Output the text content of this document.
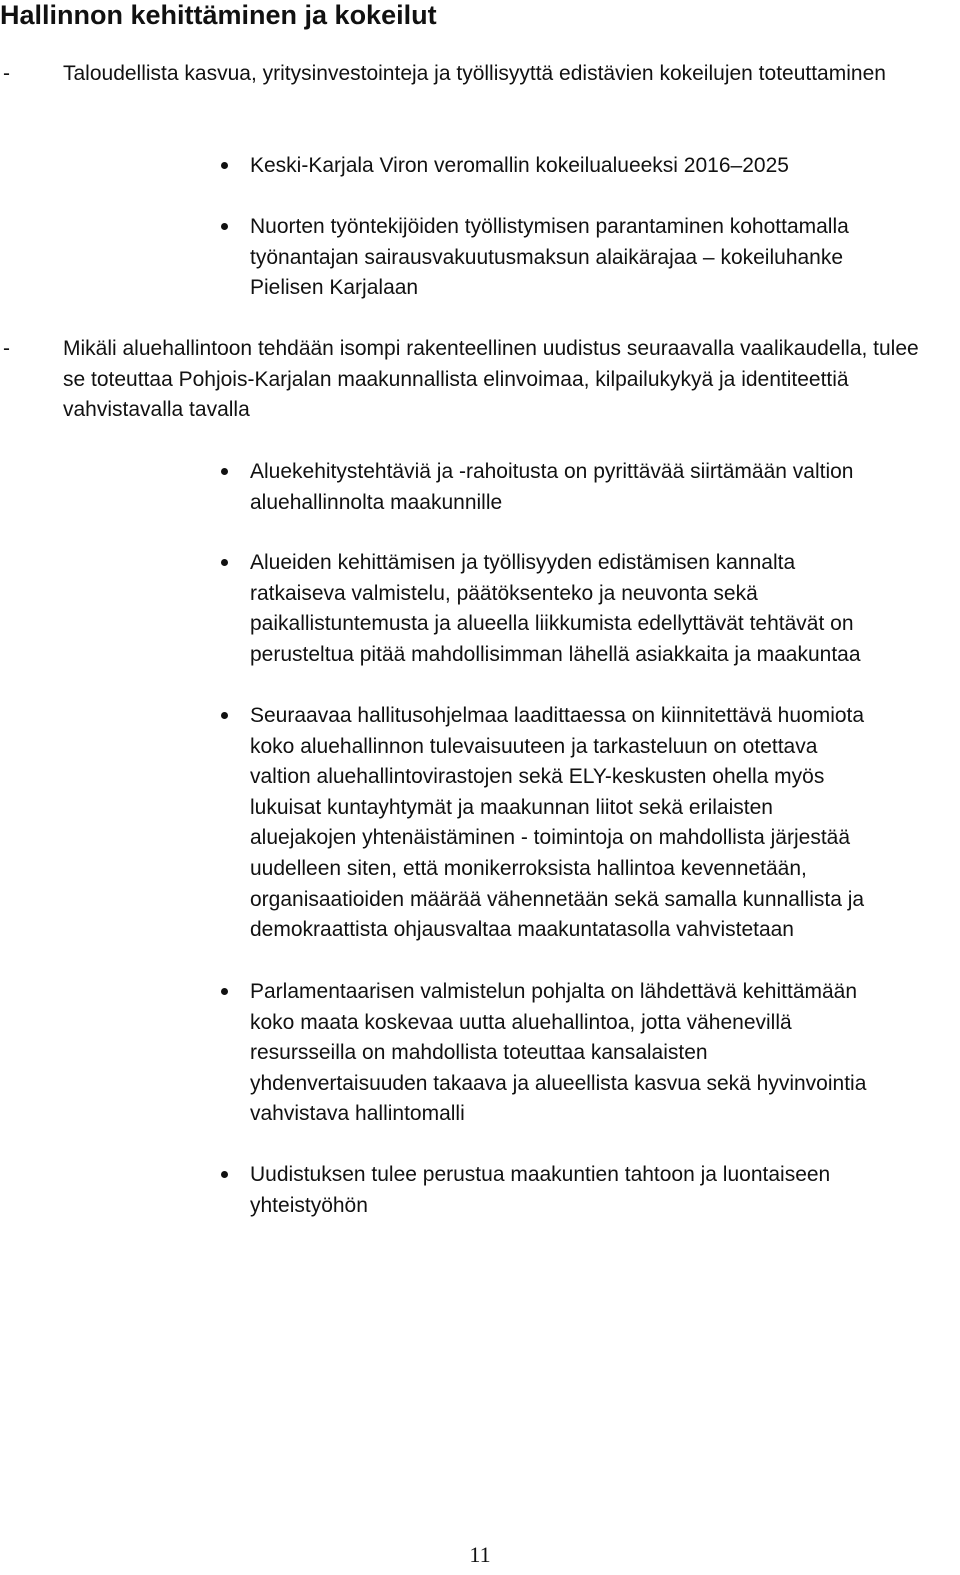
Hallinnon kehittäminen ja kokeilut
-	Taloudellista kasvua, yritysinvestointeja ja työllisyyttä edistävien kokeilujen toteuttaminen
Keski-Karjala Viron veromallin kokeilualueeksi 2016–2025
Nuorten työntekijöiden työllistymisen parantaminen kohottamalla
työnantajan sairausvakuutusmaksun alaikärajaa – kokeiluhanke
Pielisen Karjalaan
-	Mikäli aluehallintoon tehdään isompi rakenteellinen uudistus seuraavalla vaalikaudella, tulee se toteuttaa Pohjois-Karjalan maakunnallista elinvoimaa, kilpailukykyä ja identiteettiä vahvistavalla tavalla
Aluekehitystehtäviä ja -rahoitusta on pyrittävää siirtämään valtion
aluehallinnolta maakunnille
Alueiden kehittämisen ja työllisyyden edistämisen kannalta
ratkaiseva valmistelu, päätöksenteko ja neuvonta sekä
paikallistuntemusta ja alueella liikkumista edellyttävät tehtävät on
perusteltua pitää mahdollisimman lähellä asiakkaita ja maakuntaa
Seuraavaa hallitusohjelmaa laadittaessa on kiinnitettävä huomiota
koko aluehallinnon tulevaisuuteen ja tarkasteluun on otettava
valtion aluehallintovirastojen sekä ELY-keskusten ohella myös
lukuisat kuntayhtymät ja maakunnan liitot sekä erilaisten
aluejakojen yhtenäistäminen - toimintoja on mahdollista järjestää
uudelleen siten, että monikerroksista hallintoa kevennetään,
organisaatioiden määrää vähennetään sekä samalla kunnallista ja
demokraattista ohjausvaltaa maakuntatasolla vahvistetaan
Parlamentaarisen valmistelun pohjalta on lähdettävä kehittämään
koko maata koskevaa uutta aluehallintoa, jotta vähenevillä
resursseilla on mahdollista toteuttaa kansalaisten
yhdenvertaisuuden takaava ja alueellista kasvua sekä hyvinvointia
vahvistava hallintomalli
Uudistuksen tulee perustua maakuntien tahtoon ja luontaiseen
yhteistyöhön
11
